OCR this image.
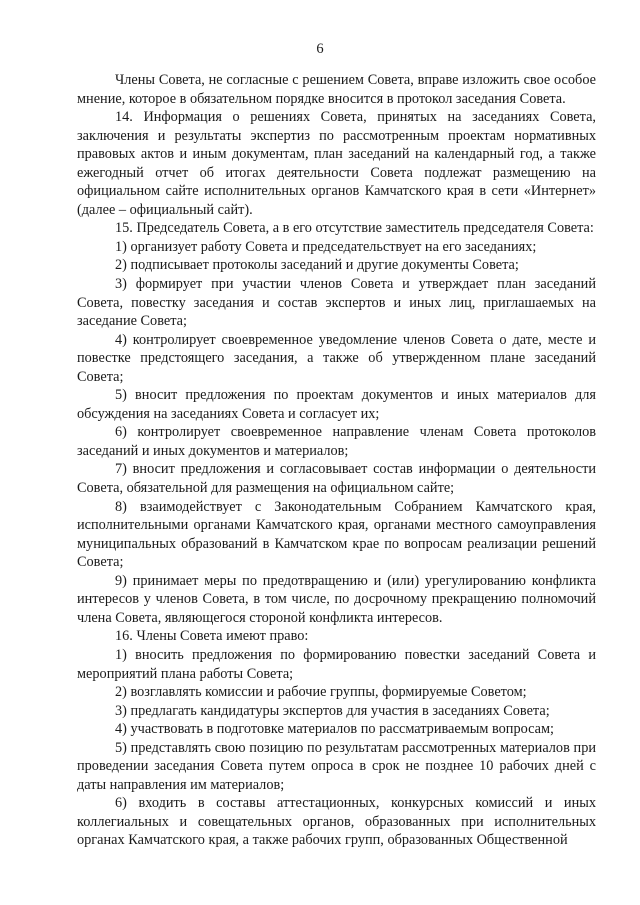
6

Члены Совета, не согласные с решением Совета, вправе изложить свое особое мнение, которое в обязательном порядке вносится в протокол заседания Совета.

14. Информация о решениях Совета, принятых на заседаниях Совета, заключения и результаты экспертиз по рассмотренным проектам нормативных правовых актов и иным документам, план заседаний на календарный год, а также ежегодный отчет об итогах деятельности Совета подлежат размещению на официальном сайте исполнительных органов Камчатского края в сети «Интернет» (далее – официальный сайт).

15. Председатель Совета, а в его отсутствие заместитель председателя Совета:

1) организует работу Совета и председательствует на его заседаниях;

2) подписывает протоколы заседаний и другие документы Совета;

3) формирует при участии членов Совета и утверждает план заседаний Совета, повестку заседания и состав экспертов и иных лиц, приглашаемых на заседание Совета;

4) контролирует своевременное уведомление членов Совета о дате, месте и повестке предстоящего заседания, а также об утвержденном плане заседаний Совета;

5) вносит предложения по проектам документов и иных материалов для обсуждения на заседаниях Совета и согласует их;

6) контролирует своевременное направление членам Совета протоколов заседаний и иных документов и материалов;

7) вносит предложения и согласовывает состав информации о деятельности Совета, обязательной для размещения на официальном сайте;

8) взаимодействует с Законодательным Собранием Камчатского края, исполнительными органами Камчатского края, органами местного самоуправления муниципальных образований в Камчатском крае по вопросам реализации решений Совета;

9) принимает меры по предотвращению и (или) урегулированию конфликта интересов у членов Совета, в том числе, по досрочному прекращению полномочий члена Совета, являющегося стороной конфликта интересов.

16. Члены Совета имеют право:

1) вносить предложения по формированию повестки заседаний Совета и мероприятий плана работы Совета;

2) возглавлять комиссии и рабочие группы, формируемые Советом;

3) предлагать кандидатуры экспертов для участия в заседаниях Совета;

4) участвовать в подготовке материалов по рассматриваемым вопросам;

5) представлять свою позицию по результатам рассмотренных материалов при проведении заседания Совета путем опроса в срок не позднее 10 рабочих дней с даты направления им материалов;

6) входить в составы аттестационных, конкурсных комиссий и иных коллегиальных и совещательных органов, образованных при исполнительных органах Камчатского края, а также рабочих групп, образованных Общественной
